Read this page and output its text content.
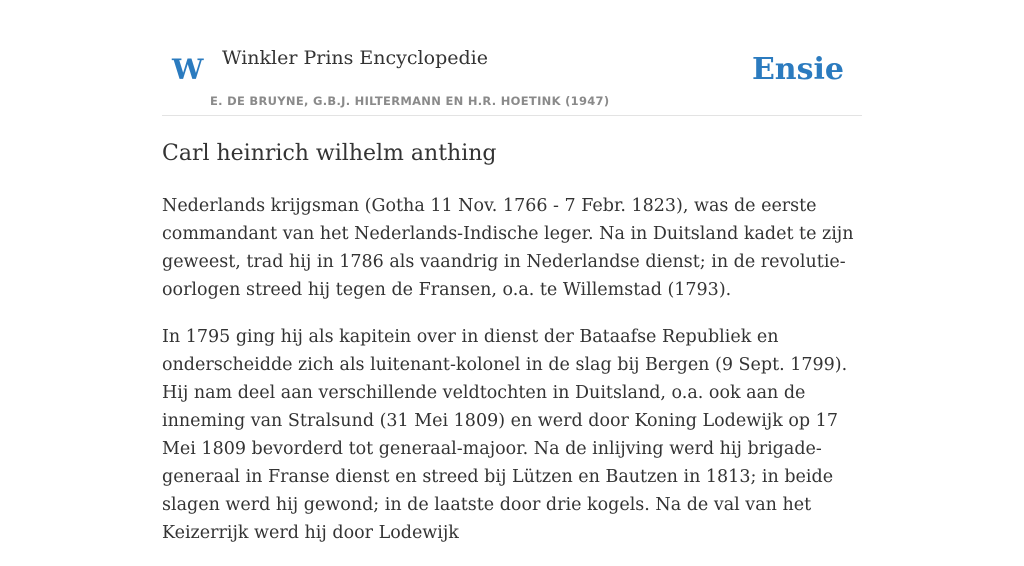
W Winkler Prins Encyclopedie
E. DE BRUYNE, G.B.J. HILTERMANN EN H.R. HOETINK (1947)
Ensie
Carl heinrich wilhelm anthing

Nederlands krijgsman (Gotha 11 Nov. 1766 - 7 Febr. 1823), was de eerste commandant van het Nederlands-Indische leger. Na in Duitsland kadet te zijn geweest, trad hij in 1786 als vaandrig in Nederlandse dienst; in de revolutie-oorlogen streed hij tegen de Fransen, o.a. te Willemstad (1793).

In 1795 ging hij als kapitein over in dienst der Bataafse Republiek en onderscheidde zich als luitenant-kolonel in de slag bij Bergen (9 Sept. 1799). Hij nam deel aan verschillende veldtochten in Duitsland, o.a. ook aan de inneming van Stralsund (31 Mei 1809) en werd door Koning Lodewijk op 17 Mei 1809 bevorderd tot generaal-majoor. Na de inlijving werd hij brigade-generaal in Franse dienst en streed bij Lützen en Bautzen in 1813; in beide slagen werd hij gewond; in de laatste door drie kogels. Na de val van het Keizerrijk werd hij door Lodewijk
